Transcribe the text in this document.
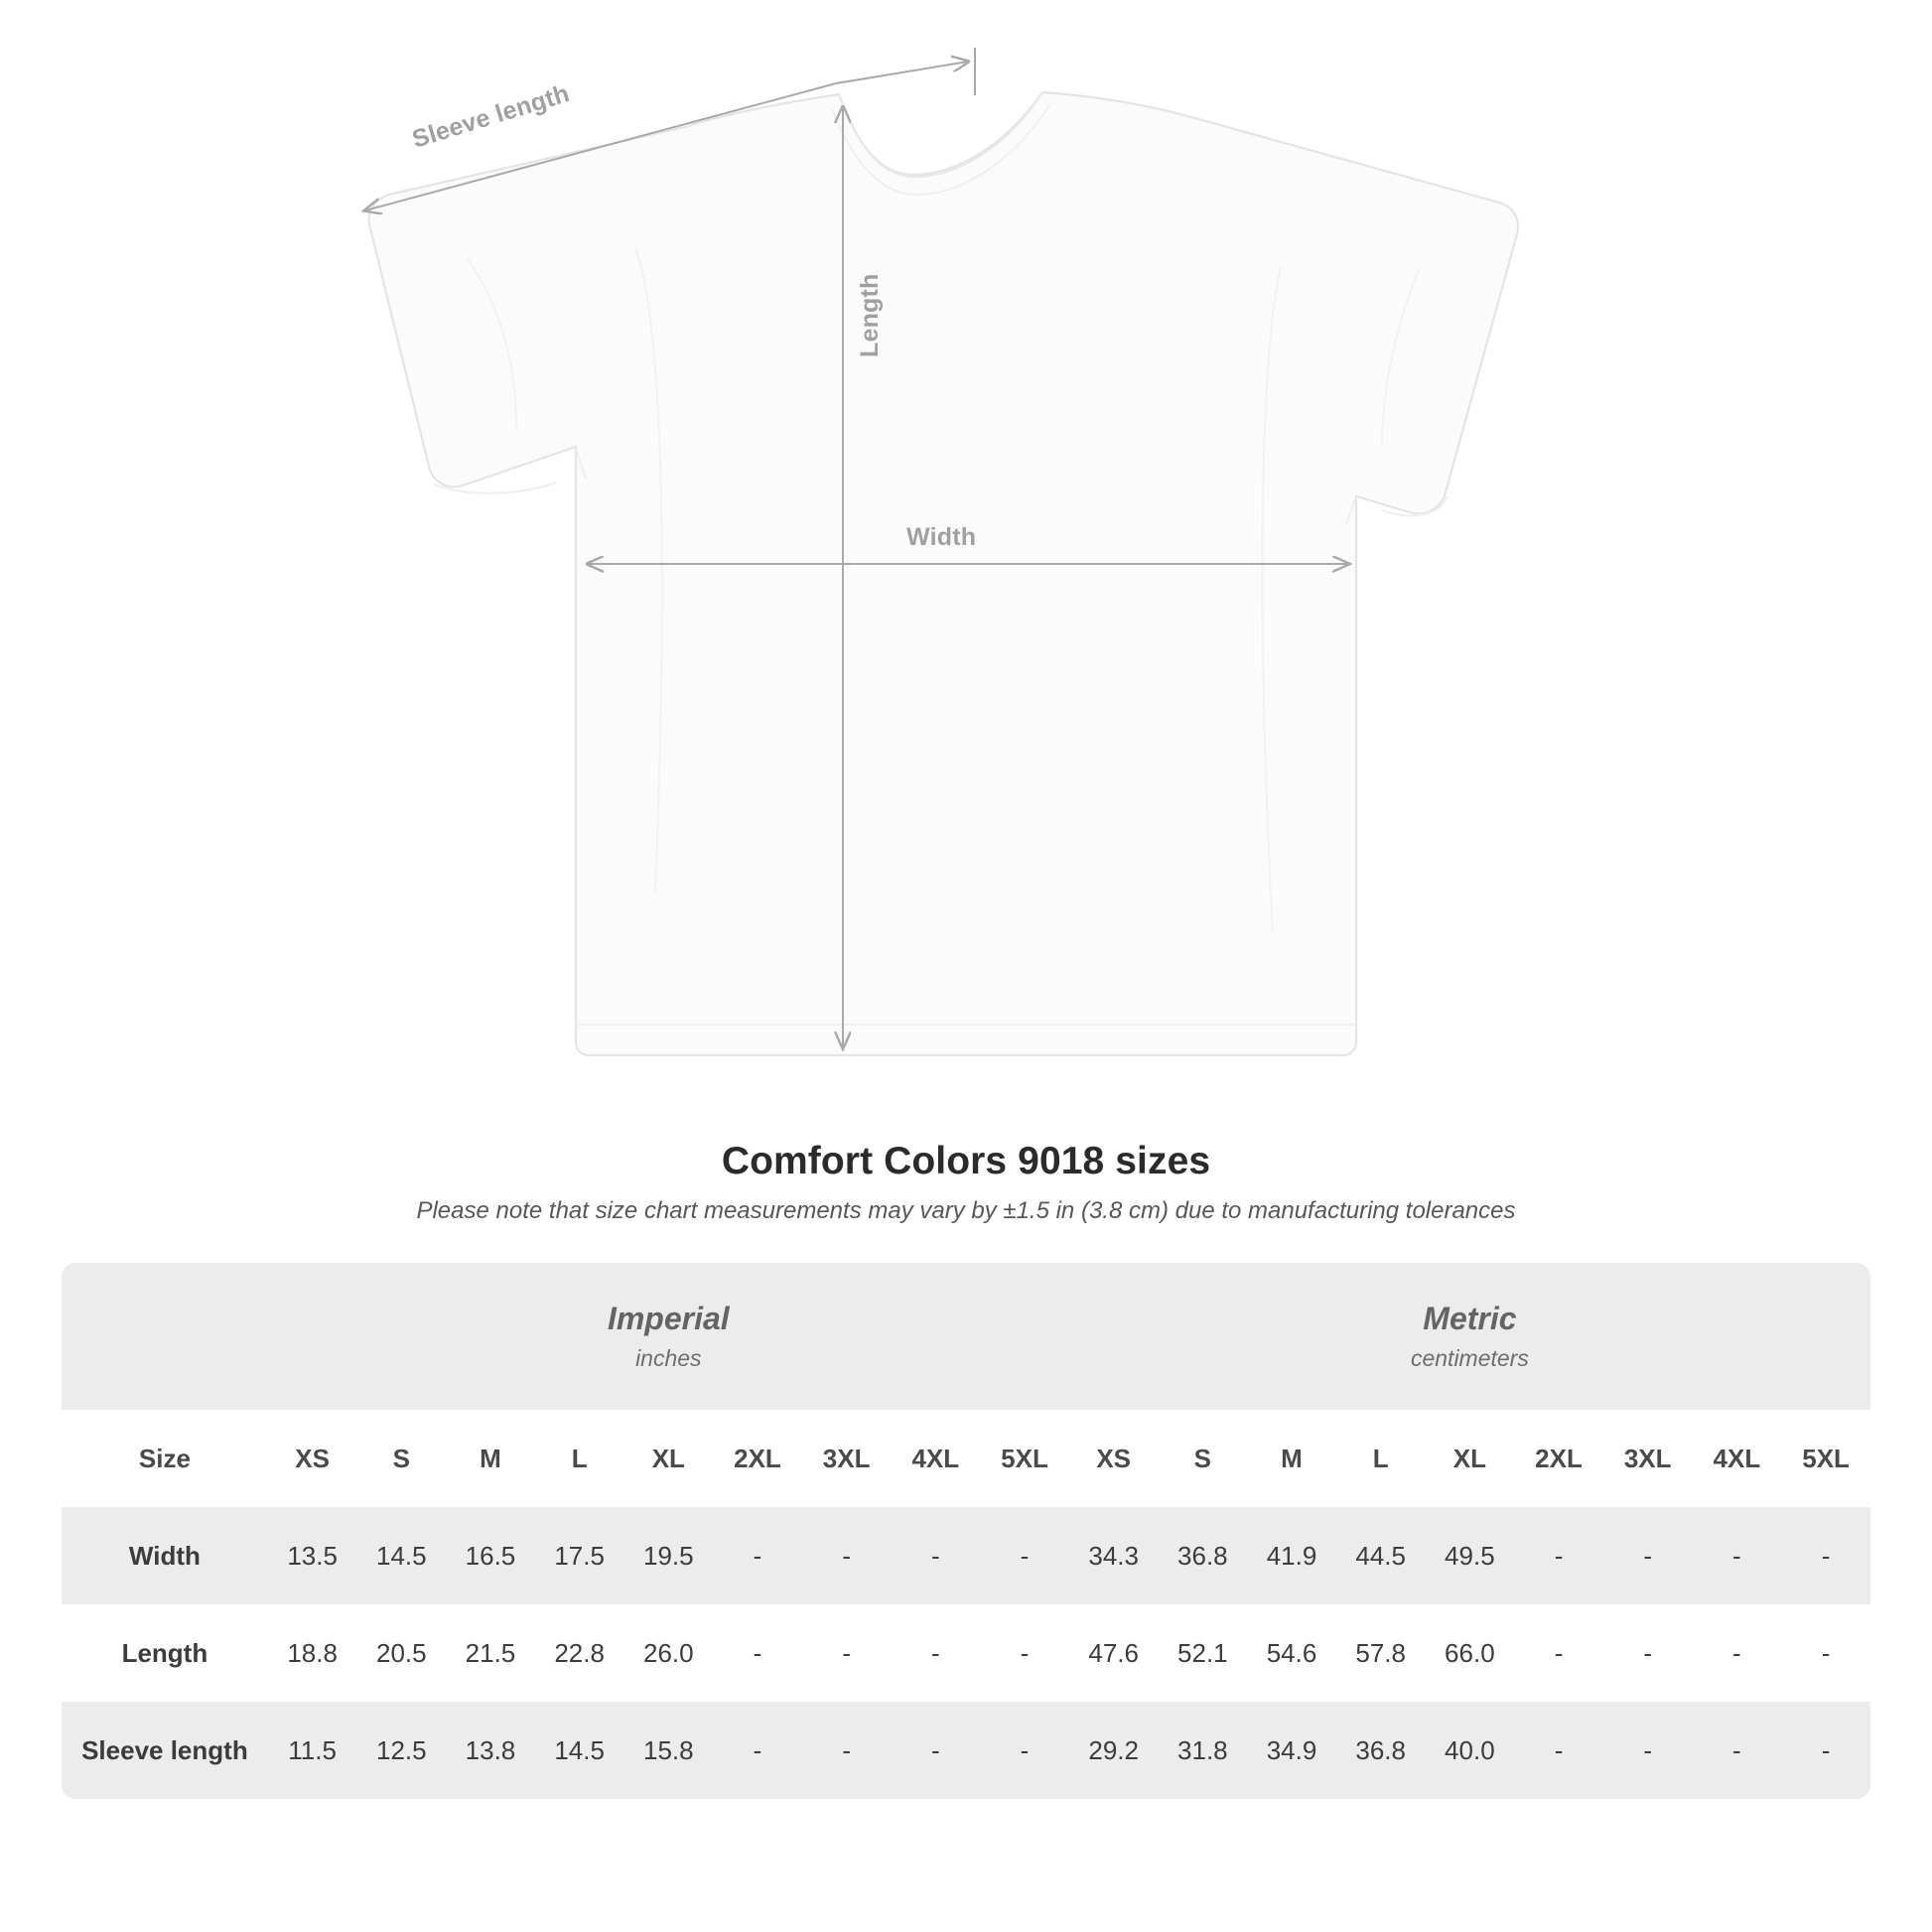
Sleeve length
Length
Width
Comfort Colors 9018 sizes

Please note that size chart measurements may vary by ±1.5 in (3.8 cm) due to manufacturing tolerances

Imperial
inches

Metric
centimeters

Size	XS	S	M	L	XL	2XL	3XL	4XL	5XL	XS	S	M	L	XL	2XL	3XL	4XL	5XL
Width	13.5	14.5	16.5	17.5	19.5	-	-	-	-	34.3	36.8	41.9	44.5	49.5	-	-	-	-
Length	18.8	20.5	21.5	22.8	26.0	-	-	-	-	47.6	52.1	54.6	57.8	66.0	-	-	-	-
Sleeve length	11.5	12.5	13.8	14.5	15.8	-	-	-	-	29.2	31.8	34.9	36.8	40.0	-	-	-	-
